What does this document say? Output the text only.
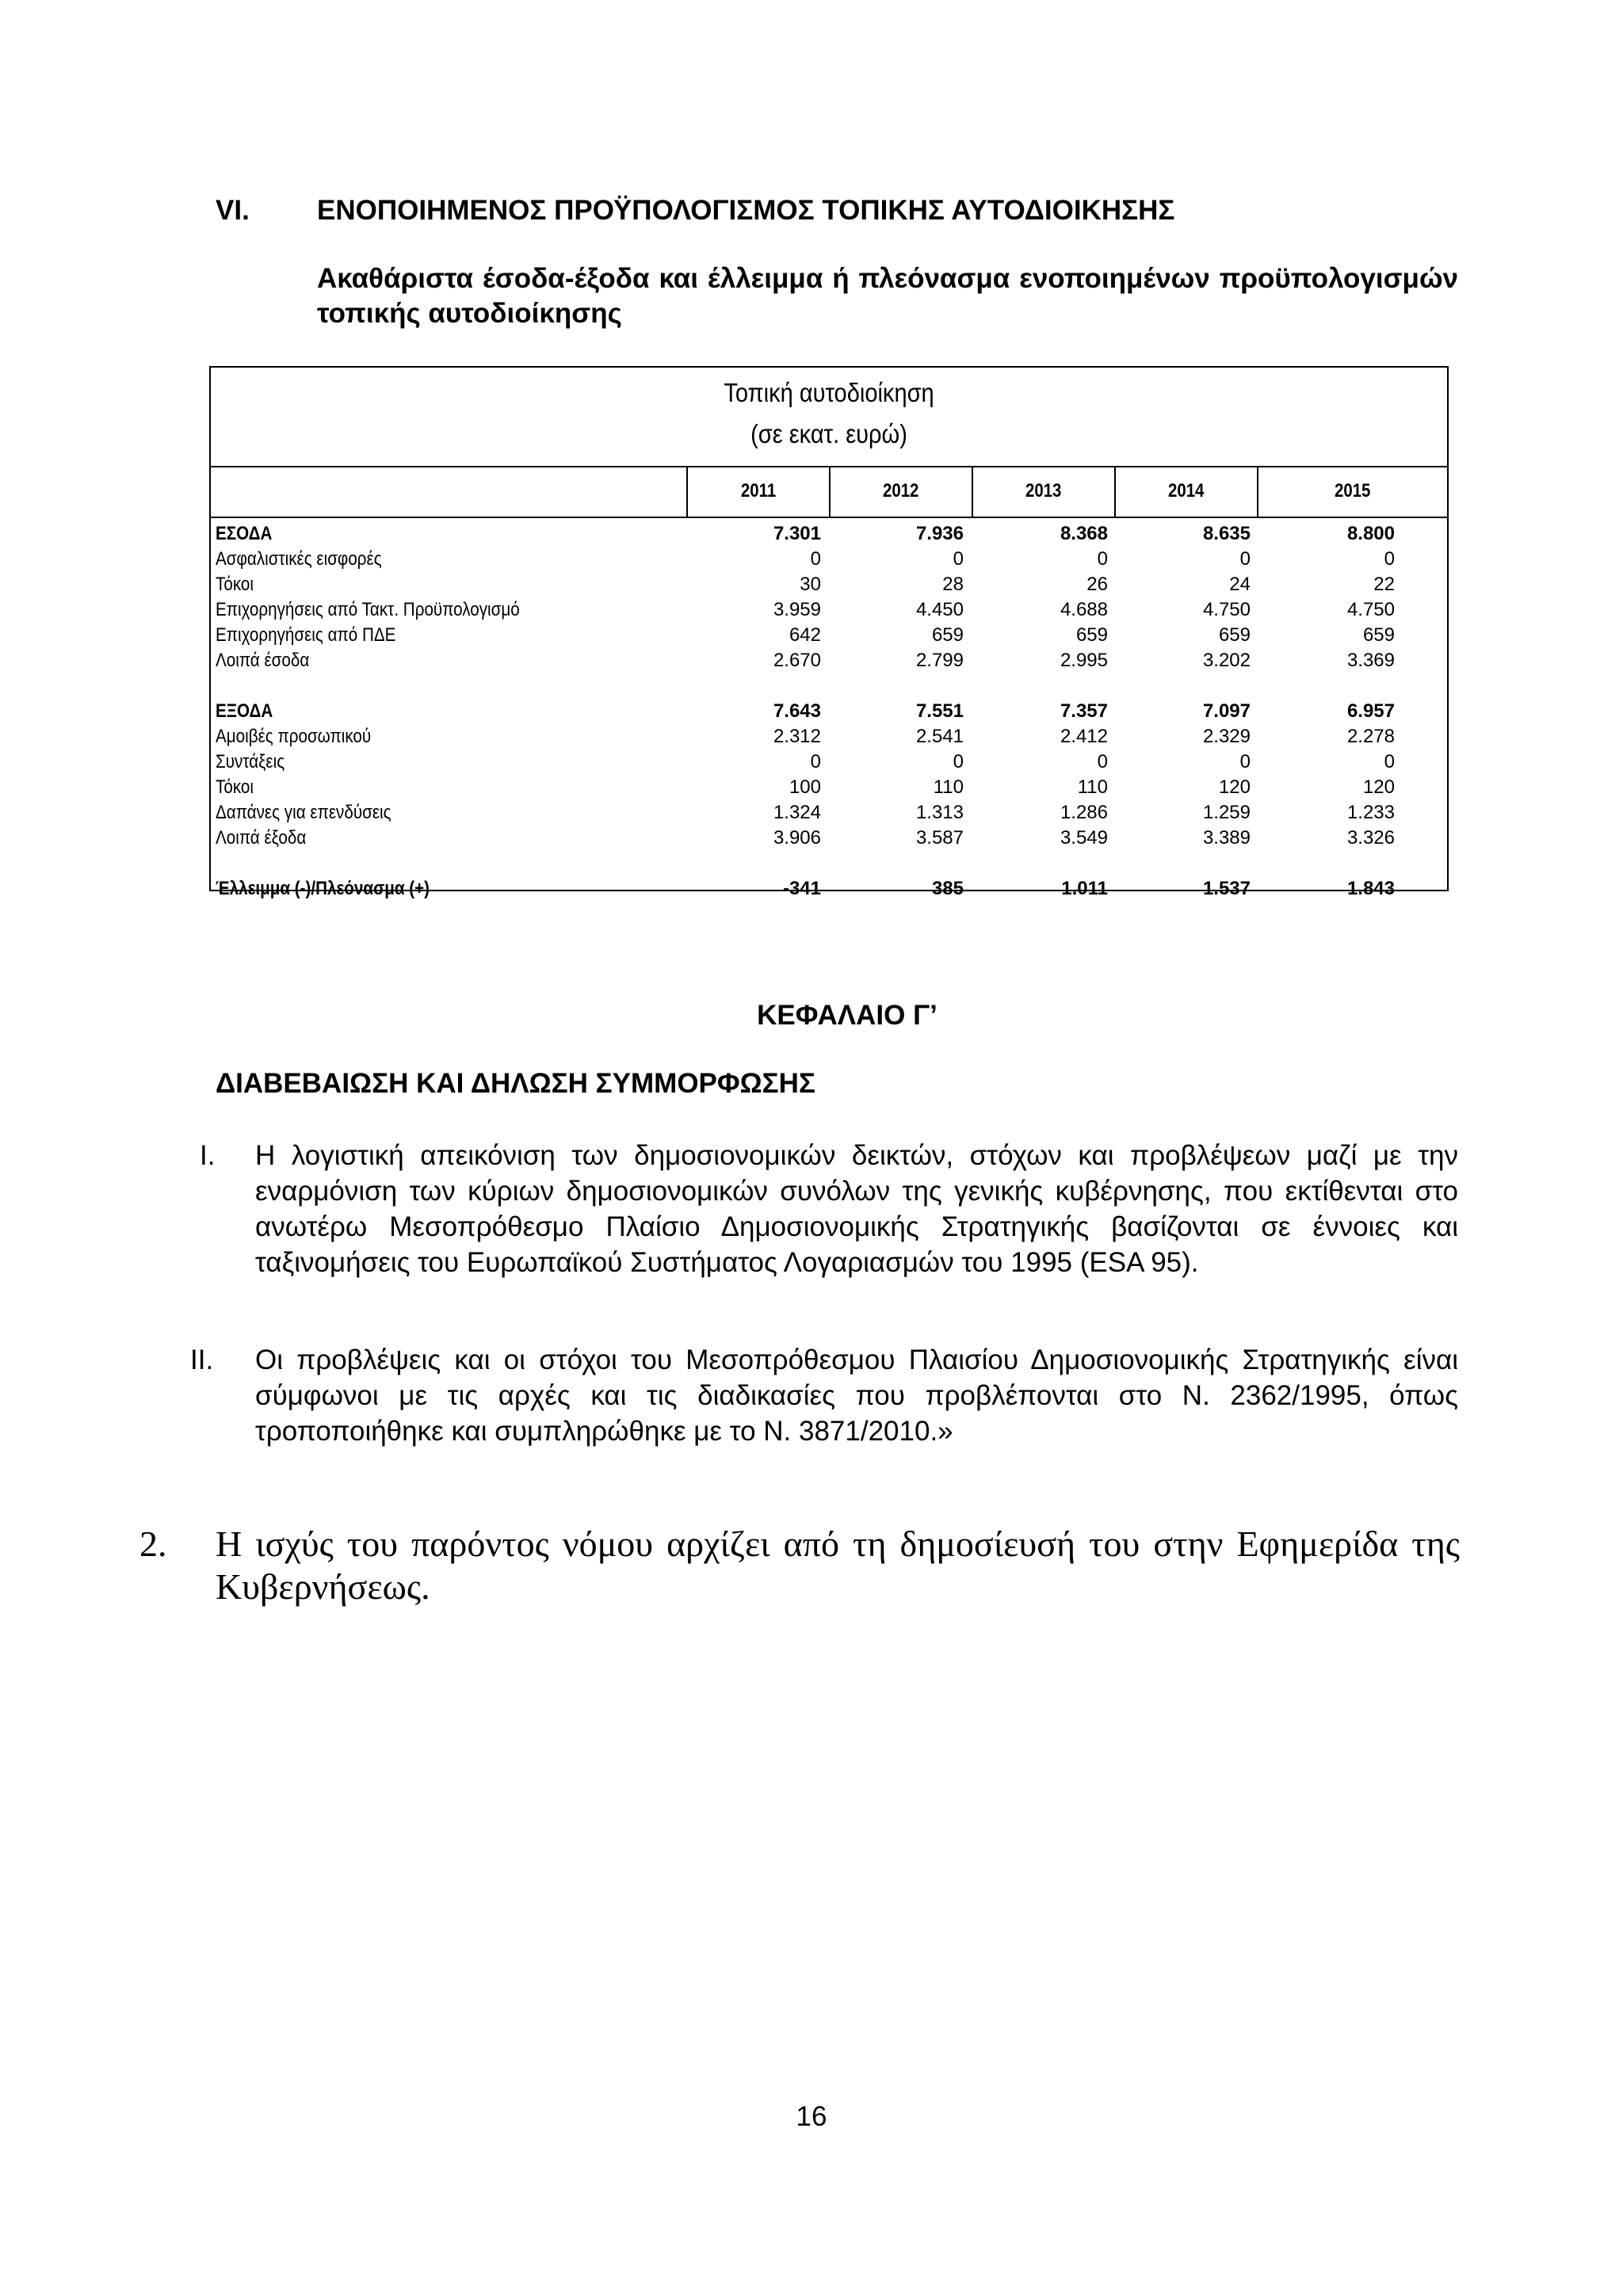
VI. ΕΝΟΠΟΙΗΜΕΝΟΣ ΠΡΟΫΠΟΛΟΓΙΣΜΟΣ ΤΟΠΙΚΗΣ ΑΥΤΟΔΙΟΙΚΗΣΗΣ
Ακαθάριστα έσοδα-έξοδα και έλλειμμα ή πλεόνασμα ενοποιημένων προϋπολογισμών τοπικής αυτοδιοίκησης
Τοπική αυτοδιοίκηση
(σε εκατ. ευρώ)
2011	2012	2013	2014	2015
ΕΣΟΔΑ	7.301	7.936	8.368	8.635	8.800
Ασφαλιστικές εισφορές	0	0	0	0	0
Τόκοι	30	28	26	24	22
Επιχορηγήσεις από Τακτ. Προϋπολογισμό	3.959	4.450	4.688	4.750	4.750
Επιχορηγήσεις από ΠΔΕ	642	659	659	659	659
Λοιπά έσοδα	2.670	2.799	2.995	3.202	3.369
ΕΞΟΔΑ	7.643	7.551	7.357	7.097	6.957
Αμοιβές προσωπικού	2.312	2.541	2.412	2.329	2.278
Συντάξεις	0	0	0	0	0
Τόκοι	100	110	110	120	120
Δαπάνες για επενδύσεις	1.324	1.313	1.286	1.259	1.233
Λοιπά έξοδα	3.906	3.587	3.549	3.389	3.326
Έλλειμμα (-)/Πλεόνασμα (+)	-341	385	1.011	1.537	1.843
ΚΕΦΑΛΑΙΟ Γ’
ΔΙΑΒΕΒΑΙΩΣΗ ΚΑΙ ΔΗΛΩΣΗ ΣΥΜΜΟΡΦΩΣΗΣ
I. Η λογιστική απεικόνιση των δημοσιονομικών δεικτών, στόχων και προβλέψεων μαζί με την εναρμόνιση των κύριων δημοσιονομικών συνόλων της γενικής κυβέρνησης, που εκτίθενται στο ανωτέρω Μεσοπρόθεσμο Πλαίσιο Δημοσιονομικής Στρατηγικής βασίζονται σε έννοιες και ταξινομήσεις του Ευρωπαϊκού Συστήματος Λογαριασμών του 1995 (ESA 95).
II. Οι προβλέψεις και οι στόχοι του Μεσοπρόθεσμου Πλαισίου Δημοσιονομικής Στρατηγικής είναι σύμφωνοι με τις αρχές και τις διαδικασίες που προβλέπονται στο Ν. 2362/1995, όπως τροποποιήθηκε και συμπληρώθηκε με το Ν. 3871/2010.»
2. Η ισχύς του παρόντος νόμου αρχίζει από τη δημοσίευσή του στην Εφημερίδα της Κυβερνήσεως.
16
